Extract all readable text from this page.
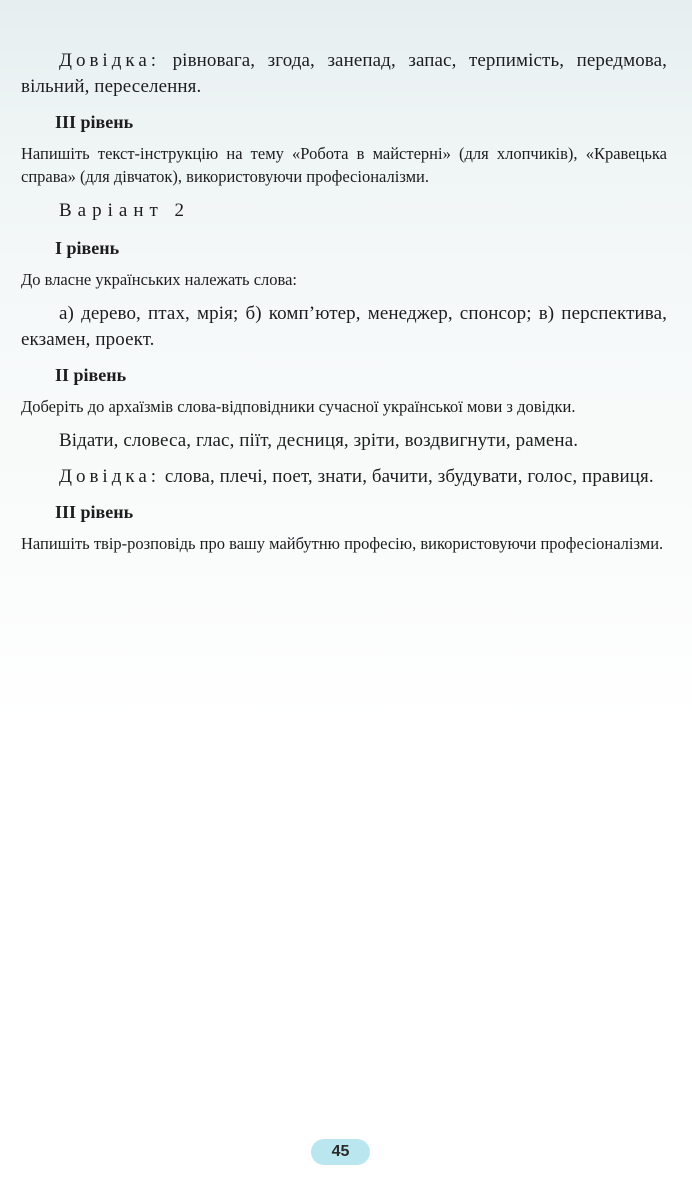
Довідка: рівновага, згода, занепад, запас, терпимість, передмова, вільний, переселення.

III рівень

Напишіть текст-інструкцію на тему «Робота в майстерні» (для хлопчиків), «Кравецька справа» (для дівчаток), використовуючи професіоналізми.

Варіант 2
I рівень

До власне українських належать слова:

а) дерево, птах, мрія; б) комп’ютер, менеджер, спонсор; в) перспектива, екзамен, проект.

II рівень

Доберіть до архаїзмів слова-відповідники сучасної української мови з довідки.

Відати, словеса, глас, піїт, десниця, зріти, воздвигнути, рамена.

Довідка: слова, плечі, поет, знати, бачити, збудувати, голос, правиця.

III рівень

Напишіть твір-розповідь про вашу майбутню професію, використовуючи професіоналізми.

45
